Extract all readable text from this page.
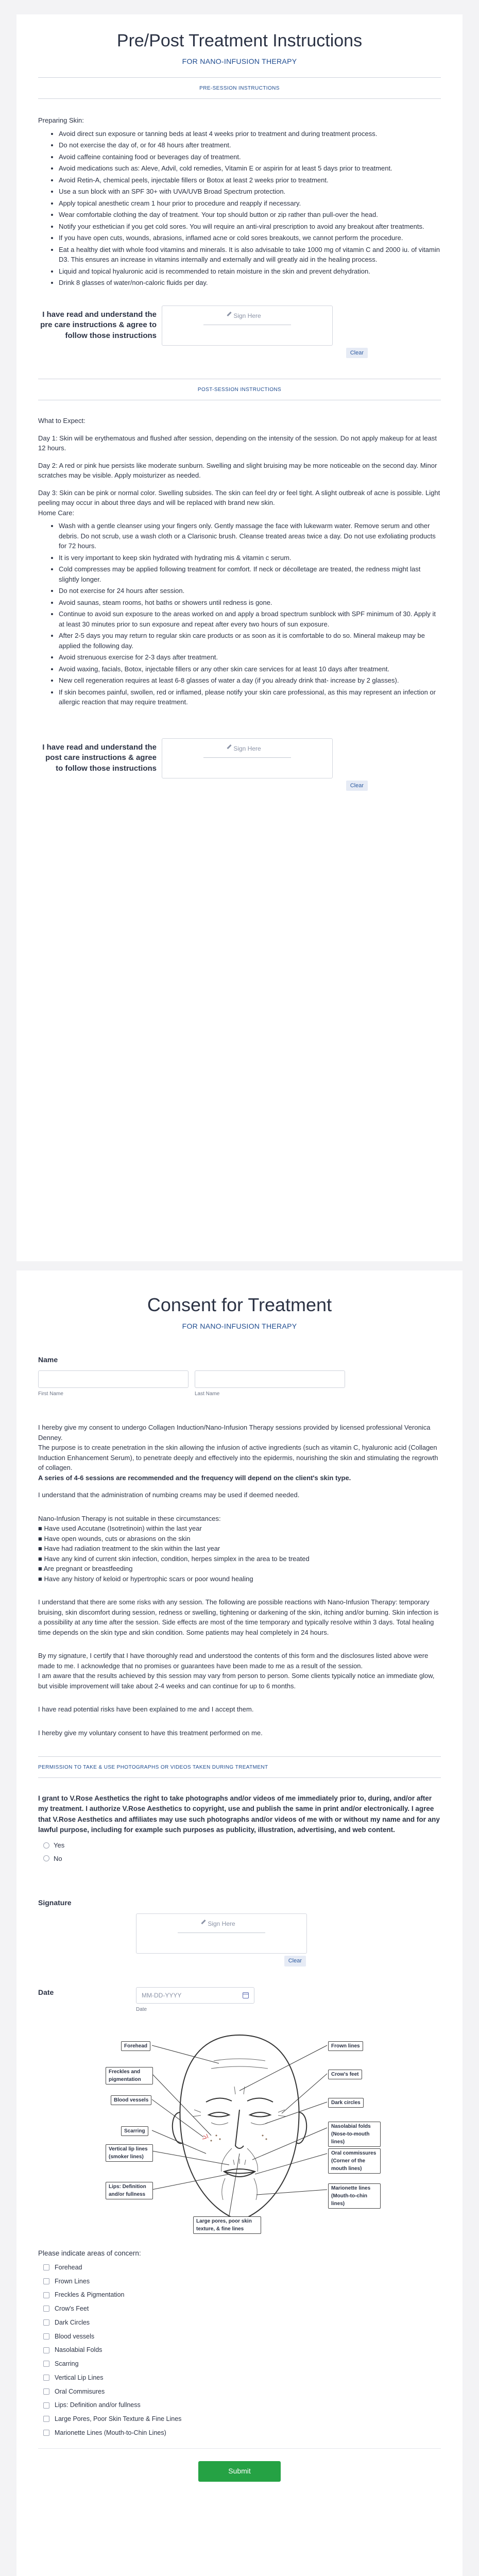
Pre/Post Treatment Instructions
FOR NANO-INFUSION THERAPY
PRE-SESSION INSTRUCTIONS

Preparing Skin:

• Avoid direct sun exposure or tanning beds at least 4 weeks prior to treatment and during treatment process.
• Do not exercise the day of, or for 48 hours after treatment.
• Avoid caffeine containing food or beverages day of treatment.
• Avoid medications such as: Aleve, Advil, cold remedies, Vitamin E or aspirin for at least 5 days prior to treatment.
• Avoid Retin-A, chemical peels, injectable fillers or Botox at least 2 weeks prior to treatment.
• Use a sun block with an SPF 30+ with UVA/UVB Broad Spectrum protection.
• Apply topical anesthetic cream 1 hour prior to procedure and reapply if necessary.
• Wear comfortable clothing the day of treatment. Your top should button or zip rather than pull-over the head.
• Notify your esthetician if you get cold sores. You will require an anti-viral prescription to avoid any breakout after treatments.
• If you have open cuts, wounds, abrasions, inflamed acne or cold sores breakouts, we cannot perform the procedure.
• Eat a healthy diet with whole food vitamins and minerals. It is also advisable to take 1000 mg of vitamin C and 2000 iu. of vitamin D3. This ensures an increase in vitamins internally and externally and will greatly aid in the healing process.
• Liquid and topical hyaluronic acid is recommended to retain moisture in the skin and prevent dehydration.
• Drink 8 glasses of water/non-caloric fluids per day.
I have read and understand the pre care instructions & agree to follow those instructions
Sign Here
Clear
POST-SESSION INSTRUCTIONS

What to Expect:

Day 1: Skin will be erythematous and flushed after session, depending on the intensity of the session. Do not apply makeup for at least 12 hours.

Day 2: A red or pink hue persists like moderate sunburn. Swelling and slight bruising may be more noticeable on the second day. Minor scratches may be visible. Apply moisturizer as needed.

Day 3: Skin can be pink or normal color. Swelling subsides. The skin can feel dry or feel tight. A slight outbreak of acne is possible. Light peeling may occur in about three days and will be replaced with brand new skin.

Home Care:

• Wash with a gentle cleanser using your fingers only. Gently massage the face with lukewarm water. Remove serum and other debris. Do not scrub, use a wash cloth or a Clarisonic brush. Cleanse treated areas twice a day. Do not use exfoliating products for 72 hours.
• It is very important to keep skin hydrated with hydrating mis & vitamin c serum.
• Cold compresses may be applied following treatment for comfort. If neck or décolletage are treated, the redness might last slightly longer.
• Do not exercise for 24 hours after session.
• Avoid saunas, steam rooms, hot baths or showers until redness is gone.
• Continue to avoid sun exposure to the areas worked on and apply a broad spectrum sunblock with SPF minimum of 30. Apply it at least 30 minutes prior to sun exposure and repeat after every two hours of sun exposure.
• After 2-5 days you may return to regular skin care products or as soon as it is comfortable to do so. Mineral makeup may be applied the following day.
• Avoid strenuous exercise for 2-3 days after treatment.
• Avoid waxing, facials, Botox, injectable fillers or any other skin care services for at least 10 days after treatment.
• New cell regeneration requires at least 6-8 glasses of water a day (if you already drink that- increase by 2 glasses).
• If skin becomes painful, swollen, red or inflamed, please notify your skin care professional, as this may represent an infection or allergic reaction that may require treatment.
I have read and understand the post care instructions & agree to follow those instructions
Sign Here
Clear
Consent for Treatment
FOR NANO-INFUSION THERAPY
Name
First Name	Last Name

I hereby give my consent to undergo Collagen Induction/Nano-Infusion Therapy sessions provided by licensed professional Veronica Denney.

The purpose is to create penetration in the skin allowing the infusion of active ingredients (such as vitamin C, hyaluronic acid (Collagen Induction Enhancement Serum), to penetrate deeply and effectively into the epidermis, nourishing the skin and stimulating the regrowth of collagen.

A series of 4-6 sessions are recommended and the frequency will depend on the client's skin type.

I understand that the administration of numbing creams may be used if deemed needed.

Nano-Infusion Therapy is not suitable in these circumstances:

■ Have used Accutane (Isotretinoin) within the last year
■ Have open wounds, cuts or abrasions on the skin
■ Have had radiation treatment to the skin within the last year
■ Have any kind of current skin infection, condition, herpes simplex in the area to be treated
■ Are pregnant or breastfeeding
■ Have any history of keloid or hypertrophic scars or poor wound healing

I understand that there are some risks with any session. The following are possible reactions with Nano-Infusion Therapy: temporary bruising, skin discomfort during session, redness or swelling, tightening or darkening of the skin, itching and/or burning. Skin infection is a possibility at any time after the session. Side effects are most of the time temporary and typically resolve within 3 days. Total healing time depends on the skin type and skin condition. Some patients may heal completely in 24 hours.

By my signature, I certify that I have thoroughly read and understood the contents of this form and the disclosures listed above were made to me. I acknowledge that no promises or guarantees have been made to me as a result of the session.

I am aware that the results achieved by this session may vary from person to person. Some clients typically notice an immediate glow, but visible improvement will take about 2-4 weeks and can continue for up to 6 months.

I have read potential risks have been explained to me and I accept them.

I hereby give my voluntary consent to have this treatment performed on me.

PERMISSION TO TAKE & USE PHOTOGRAPHS OR VIDEOS TAKEN DURING TREATMENT

I grant to V.Rose Aesthetics the right to take photographs and/or videos of me immediately prior to, during, and/or after my treatment. I authorize V.Rose Aesthetics to copyright, use and publish the same in print and/or electronically. I agree that V.Rose Aesthetics and affiliates may use such photographs and/or videos of me with or without my name and for any lawful purpose, including for example such purposes as publicity, illustration, advertising, and web content.

Yes
No
Signature
Sign Here
Clear
Date	MM-DD-YYYY
Date
Forehead
Freckles and pigmentation
Blood vessels
Scarring
Vertical lip lines (smoker lines)
Lips: Definition and/or fullness
Large pores, poor skin texture, & fine lines
Frown lines
Crow's feet
Dark circles
Nasolabial folds (Nose-to-mouth lines)
Oral commissures (Corner of the mouth lines)
Marionette lines (Mouth-to-chin lines)

Please indicate areas of concern:

Forehead
Frown Lines
Freckles & Pigmentation
Crow's Feet
Dark Circles
Blood vessels
Nasolabial Folds
Scarring
Vertical Lip Lines
Oral Commisures
Lips: Definition and/or fullness
Large Pores, Poor Skin Texture & Fine Lines
Marionette Lines (Mouth-to-Chin Lines)
Submit
